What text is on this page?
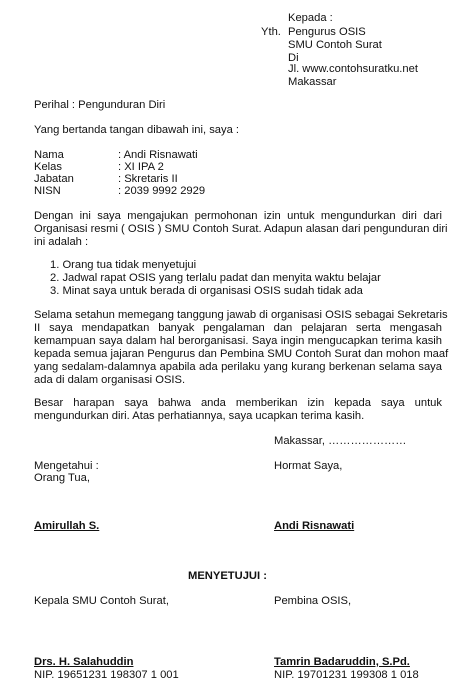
Kepada :
Yth. Pengurus OSIS
SMU Contoh Surat
Di
Jl. www.contohsuratku.net
Makassar
Perihal : Pengunduran Diri
Yang bertanda tangan dibawah ini, saya :
Nama	: Andi Risnawati
Kelas	: XI IPA 2
Jabatan	: Skretaris II
NISN	: 2039 9992 2929
Dengan ini saya mengajukan permohonan izin untuk mengundurkan diri dari
Organisasi resmi ( OSIS ) SMU Contoh Surat. Adapun alasan dari pengunduran diri
ini adalah :
1. Orang tua tidak menyetujui
2. Jadwal rapat OSIS yang terlalu padat dan menyita waktu belajar
3. Minat saya untuk berada di organisasi OSIS sudah tidak ada
Selama setahun memegang tanggung jawab di organisasi OSIS sebagai Sekretaris
II saya mendapatkan banyak pengalaman dan pelajaran serta mengasah
kemampuan saya dalam hal berorganisasi. Saya ingin mengucapkan terima kasih
kepada semua jajaran Pengurus dan Pembina SMU Contoh Surat dan mohon maaf
yang sedalam-dalamnya apabila ada perilaku yang kurang berkenan selama saya
ada di dalam organisasi OSIS.
Besar harapan saya bahwa anda memberikan izin kepada saya untuk
mengundurkan diri. Atas perhatiannya, saya ucapkan terima kasih.
Makassar, …………………
Mengetahui :
Orang Tua,
Hormat Saya,
Amirullah S.	Andi Risnawati
MENYETUJUI :
Kepala SMU Contoh Surat,	Pembina OSIS,
Drs. H. Salahuddin
NIP. 19651231 198307 1 001
Tamrin Badaruddin, S.Pd.
NIP. 19701231 199308 1 018
